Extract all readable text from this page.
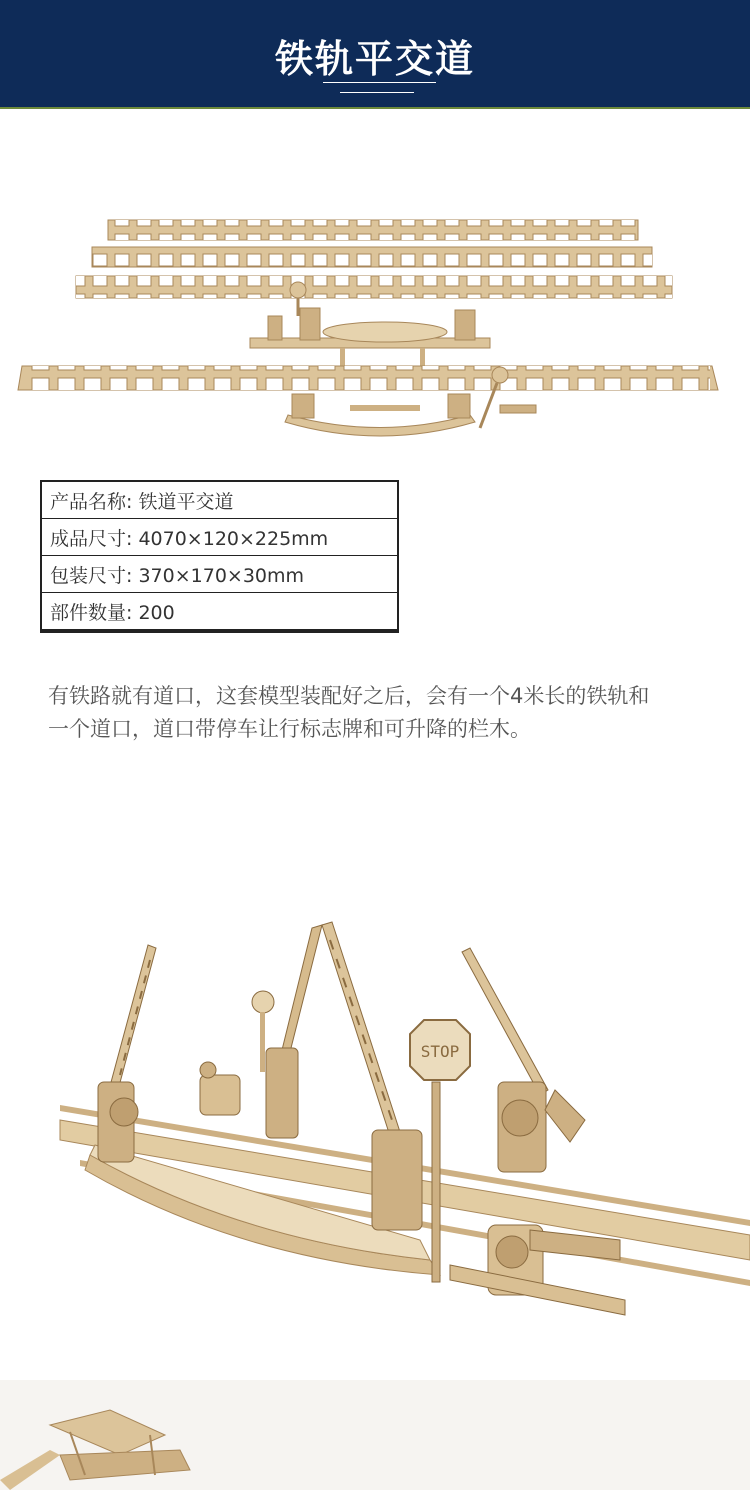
铁轨平交道
产品名称: 铁道平交道
成品尺寸: 4070×120×225mm
包装尺寸: 370×170×30mm
部件数量: 200
有铁路就有道口，这套模型装配好之后，会有一个4米长的铁轨和
一个道口，道口带停车让行标志牌和可升降的栏木。
STOP
